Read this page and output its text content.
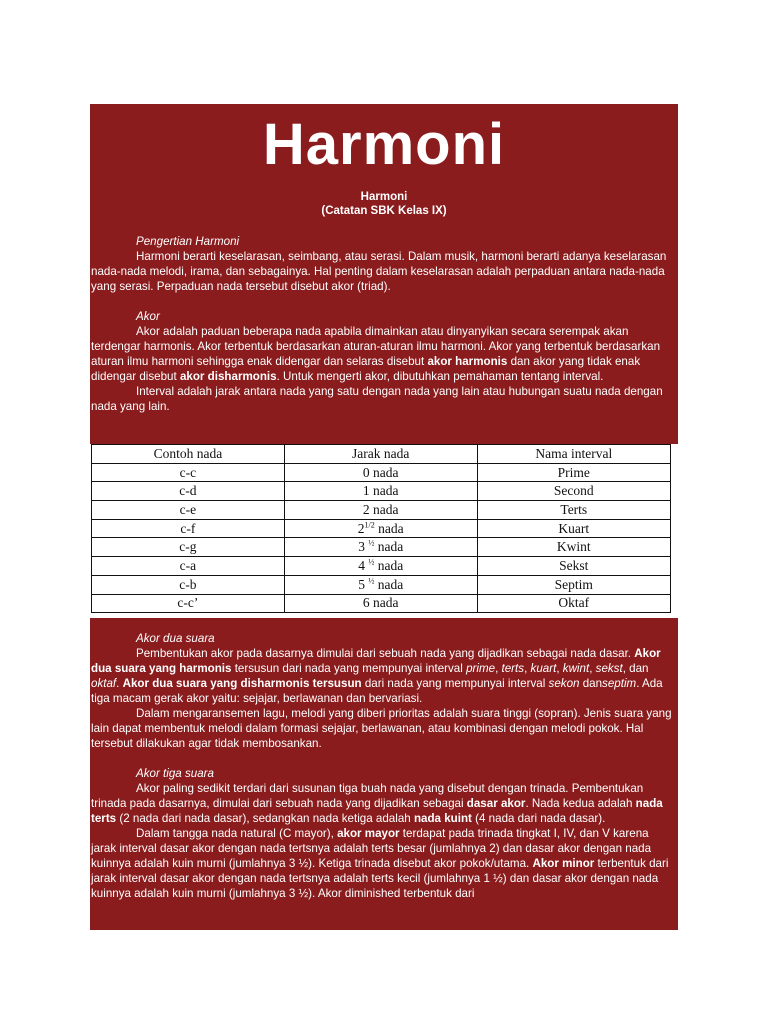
Harmoni
Harmoni
(Catatan SBK Kelas IX)

Pengertian Harmoni

Harmoni berarti keselarasan, seimbang, atau serasi. Dalam musik, harmoni berarti adanya keselarasan nada-nada melodi, irama, dan sebagainya. Hal penting dalam keselarasan adalah perpaduan antara nada-nada yang serasi. Perpaduan nada tersebut disebut akor (triad).

Akor

Akor adalah paduan beberapa nada apabila dimainkan atau dinyanyikan secara serempak akan terdengar harmonis. Akor terbentuk berdasarkan aturan-aturan ilmu harmoni. Akor yang terbentuk berdasarkan aturan ilmu harmoni sehingga enak didengar dan selaras disebut akor harmonis dan akor yang tidak enak didengar disebut akor disharmonis. Untuk mengerti akor, dibutuhkan pemahaman tentang interval.

Interval adalah jarak antara nada yang satu dengan nada yang lain atau hubungan suatu nada dengan nada yang lain.

Contoh nada	Jarak nada	Nama interval
c-c	0 nada	Prime
c-d	1 nada	Second
c-e	2 nada	Terts
c-f	$2^{1/2}$ nada	Kuart
c-g	3 $^{\frac{1}{2}}$ nada	Kwint
c-a	4 $^{\frac{1}{2}}$ nada	Sekst
c-b	5 $^{\frac{1}{2}}$ nada	Septim
c-c’	6 nada	Oktaf

Akor dua suara

Pembentukan akor pada dasarnya dimulai dari sebuah nada yang dijadikan sebagai nada dasar. Akor dua suara yang harmonis tersusun dari nada yang mempunyai interval prime, terts, kuart, kwint, sekst, dan oktaf. Akor dua suara yang disharmonis tersusun dari nada yang mempunyai interval sekon danseptim. Ada tiga macam gerak akor yaitu: sejajar, berlawanan dan bervariasi.

Dalam mengaransemen lagu, melodi yang diberi prioritas adalah suara tinggi (sopran). Jenis suara yang lain dapat membentuk melodi dalam formasi sejajar, berlawanan, atau kombinasi dengan melodi pokok. Hal tersebut dilakukan agar tidak membosankan.

Akor tiga suara

Akor paling sedikit terdari dari susunan tiga buah nada yang disebut dengan trinada. Pembentukan trinada pada dasarnya, dimulai dari sebuah nada yang dijadikan sebagai dasar akor. Nada kedua adalah nada terts (2 nada dari nada dasar), sedangkan nada ketiga adalah nada kuint (4 nada dari nada dasar).

Dalam tangga nada natural (C mayor), akor mayor terdapat pada trinada tingkat I, IV, dan V karena jarak interval dasar akor dengan nada tertsnya adalah terts besar (jumlahnya 2) dan dasar akor dengan nada kuinnya adalah kuin murni (jumlahnya 3 ½). Ketiga trinada disebut akor pokok/utama. Akor minor terbentuk dari jarak interval dasar akor dengan nada tertsnya adalah terts kecil (jumlahnya 1 ½) dan dasar akor dengan nada kuinnya adalah kuin murni (jumlahnya 3 ½). Akor diminished terbentuk dari
